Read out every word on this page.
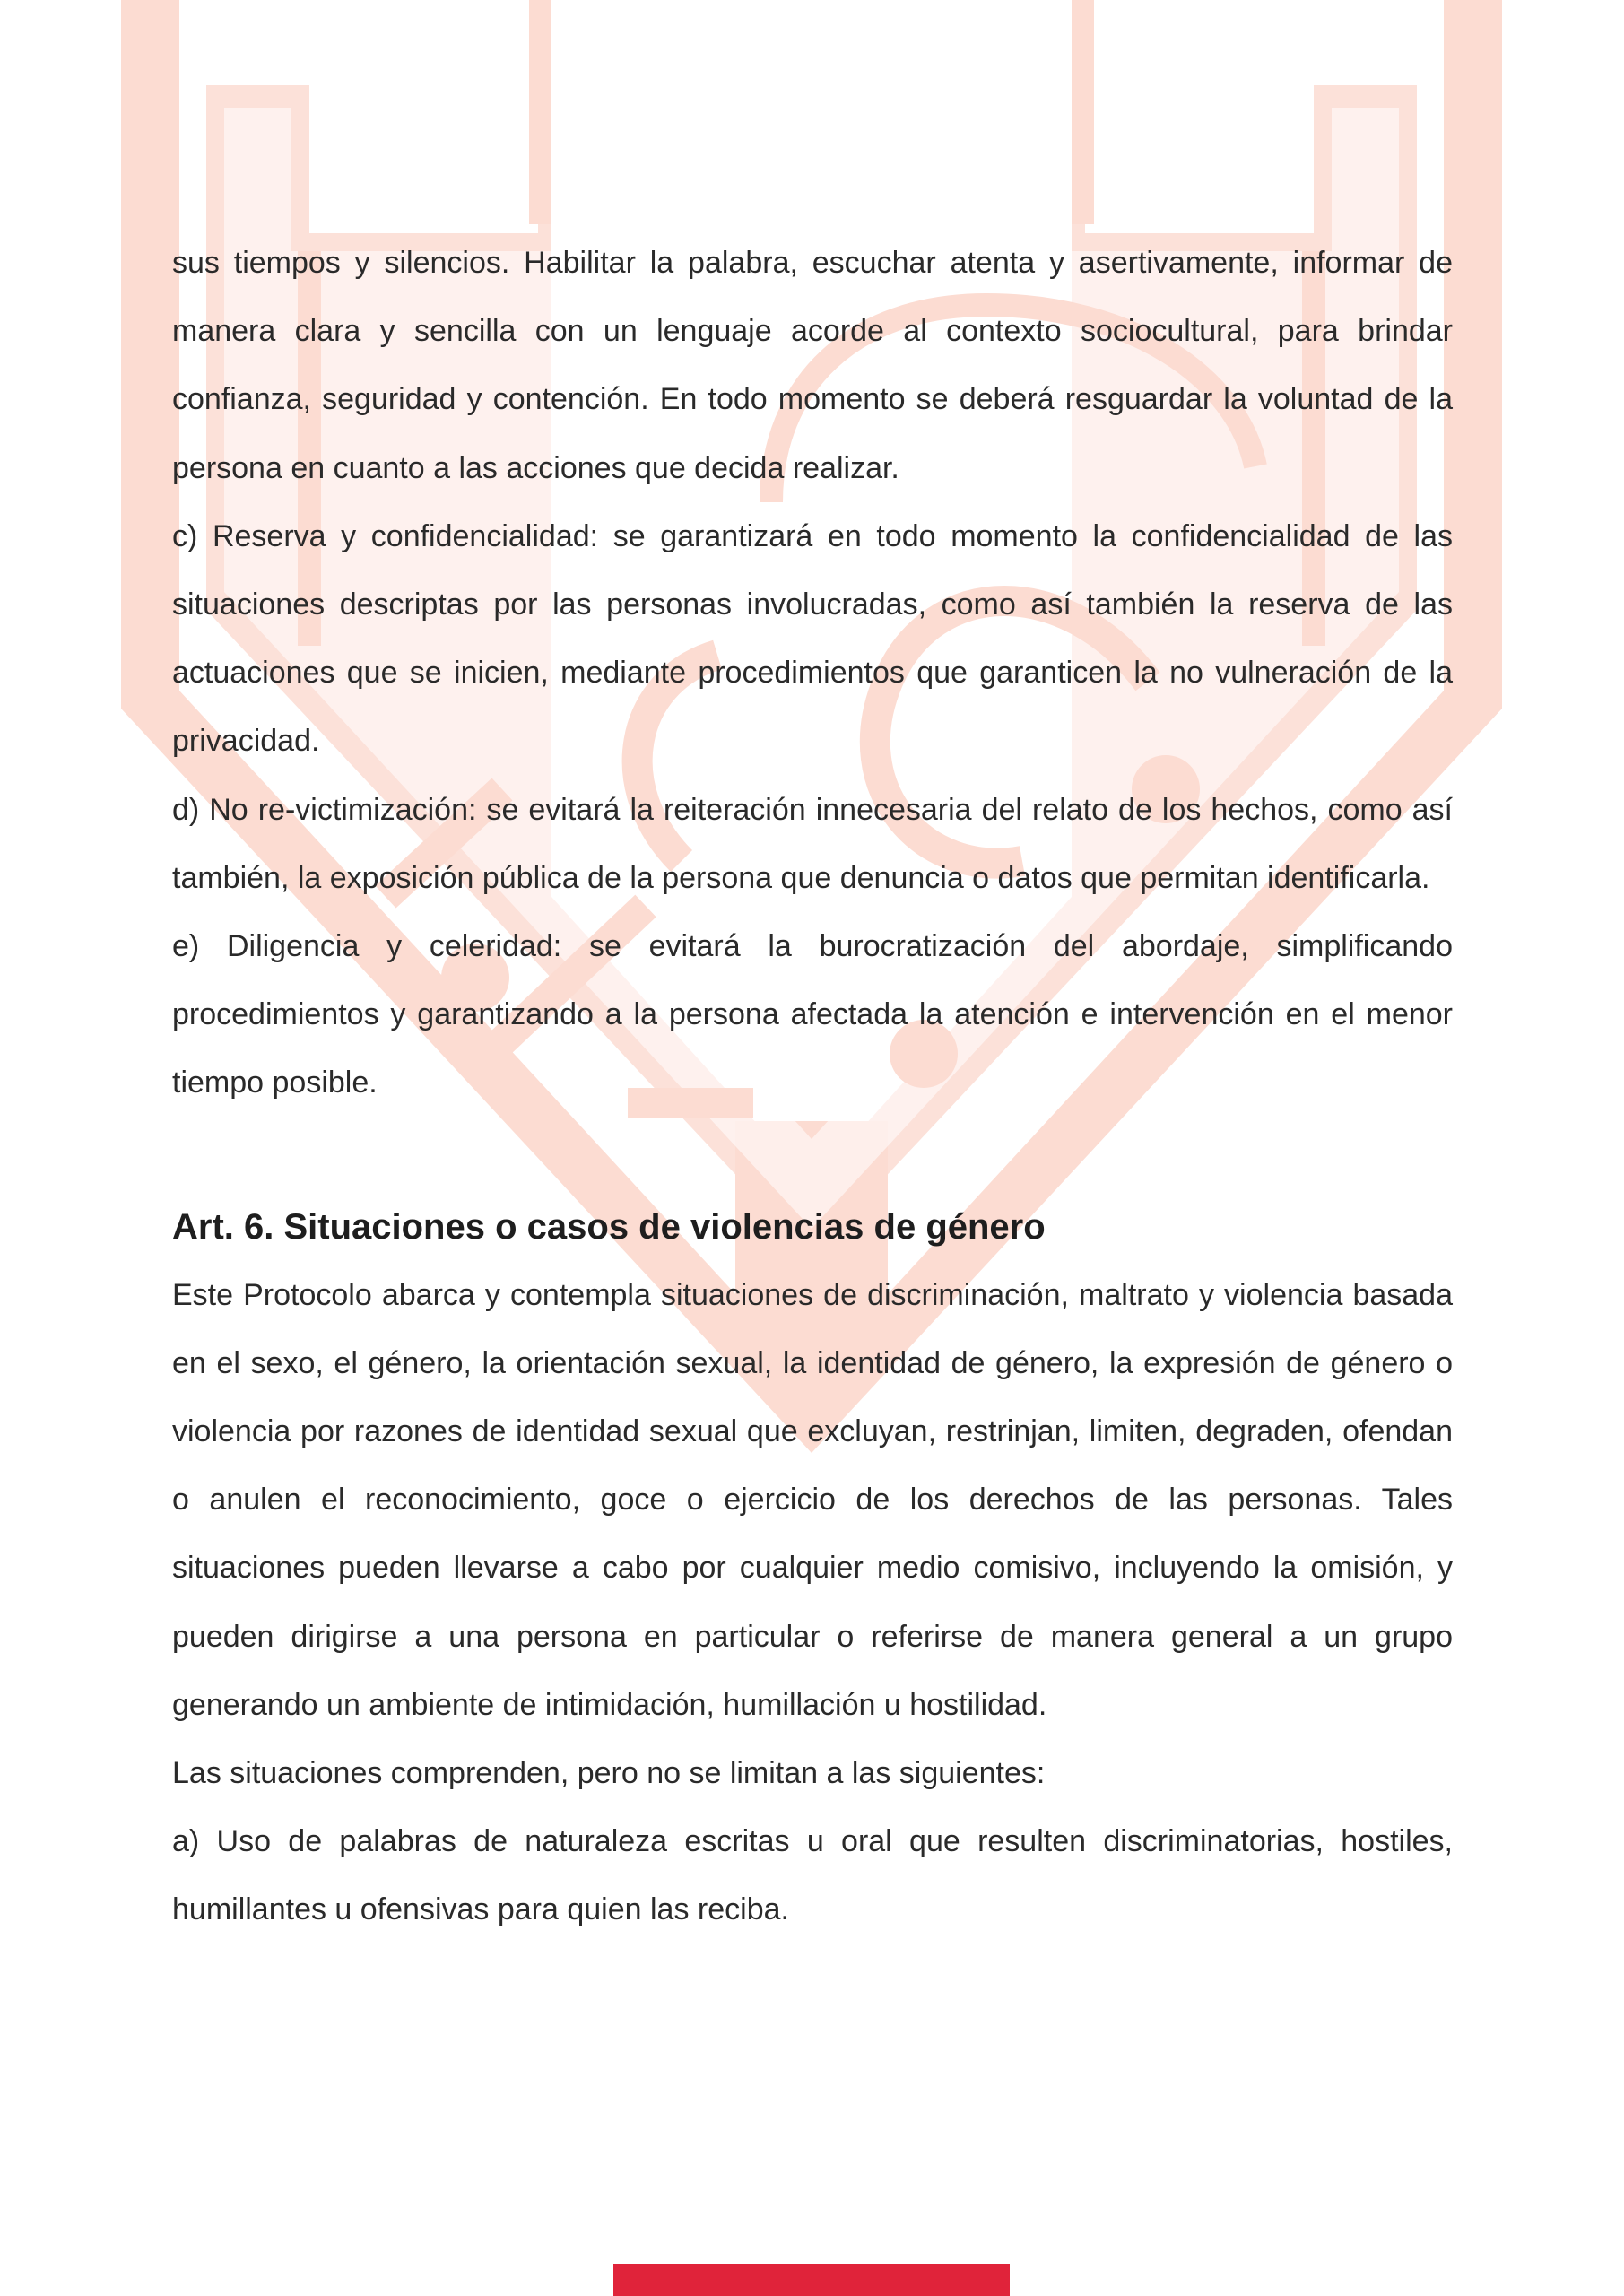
sus tiempos y silencios. Habilitar la palabra, escuchar atenta y asertivamente, informar de manera clara y sencilla con un lenguaje acorde al contexto sociocultural, para brindar confianza, seguridad y contención. En todo momento se deberá resguardar la voluntad de la persona en cuanto a las acciones que decida realizar.

c) Reserva y confidencialidad: se garantizará en todo momento la confidencialidad de las situaciones descriptas por las personas involucradas, como así también la reserva de las actuaciones que se inicien, mediante procedimientos que garanticen la no vulneración de la privacidad.

d) No re-victimización: se evitará la reiteración innecesaria del relato de los hechos, como así también, la exposición pública de la persona que denuncia o datos que permitan identificarla.

e) Diligencia y celeridad: se evitará la burocratización del abordaje, simplificando procedimientos y garantizando a la persona afectada la atención e intervención en el menor tiempo posible.

Art. 6. Situaciones o casos de violencias de género

Este Protocolo abarca y contempla situaciones de discriminación, maltrato y violencia basada en el sexo, el género, la orientación sexual, la identidad de género, la expresión de género o violencia por razones de identidad sexual que excluyan, restrinjan, limiten, degraden, ofendan o anulen el reconocimiento, goce o ejercicio de los derechos de las personas. Tales situaciones pueden llevarse a cabo por cualquier medio comisivo, incluyendo la omisión, y pueden dirigirse a una persona en particular o referirse de manera general a un grupo generando un ambiente de intimidación, humillación u hostilidad.

Las situaciones comprenden, pero no se limitan a las siguientes:

a) Uso de palabras de naturaleza escritas u oral que resulten discriminatorias, hostiles, humillantes u ofensivas para quien las reciba.
